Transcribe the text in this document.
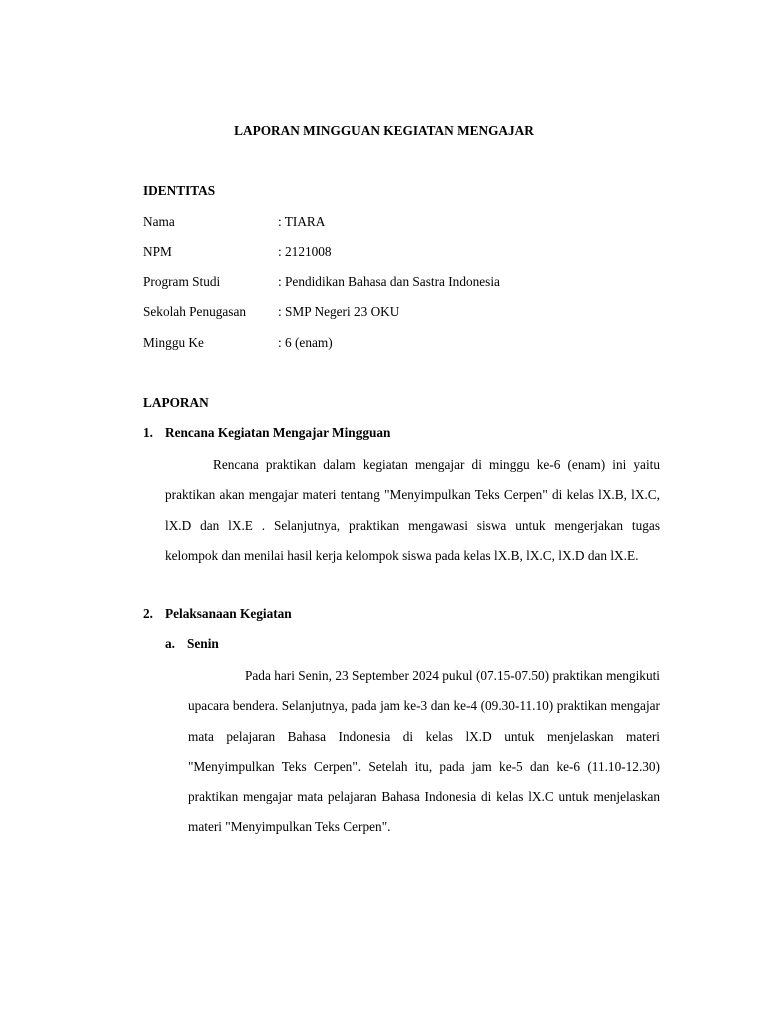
LAPORAN MINGGUAN KEGIATAN MENGAJAR
IDENTITAS
Nama	: TIARA
NPM	: 2121008
Program Studi	: Pendidikan Bahasa dan Sastra Indonesia
Sekolah Penugasan : SMP Negeri 23 OKU
Minggu Ke	: 6 (enam)
LAPORAN
1. Rencana Kegiatan Mengajar Mingguan

Rencana praktikan dalam kegiatan mengajar di minggu ke-6 (enam) ini yaitu praktikan akan mengajar materi tentang "Menyimpulkan Teks Cerpen" di kelas lX.B, lX.C, lX.D dan lX.E . Selanjutnya, praktikan mengawasi siswa untuk mengerjakan tugas kelompok dan menilai hasil kerja kelompok siswa pada kelas lX.B, lX.C, lX.D dan lX.E.

2. Pelaksanaan Kegiatan
a. Senin

Pada hari Senin, 23 September 2024 pukul (07.15-07.50) praktikan mengikuti upacara bendera. Selanjutnya, pada jam ke-3 dan ke-4 (09.30-11.10) praktikan mengajar mata pelajaran Bahasa Indonesia di kelas lX.D untuk menjelaskan materi "Menyimpulkan Teks Cerpen". Setelah itu, pada jam ke-5 dan ke-6 (11.10-12.30) praktikan mengajar mata pelajaran Bahasa Indonesia di kelas lX.C untuk menjelaskan materi "Menyimpulkan Teks Cerpen".
